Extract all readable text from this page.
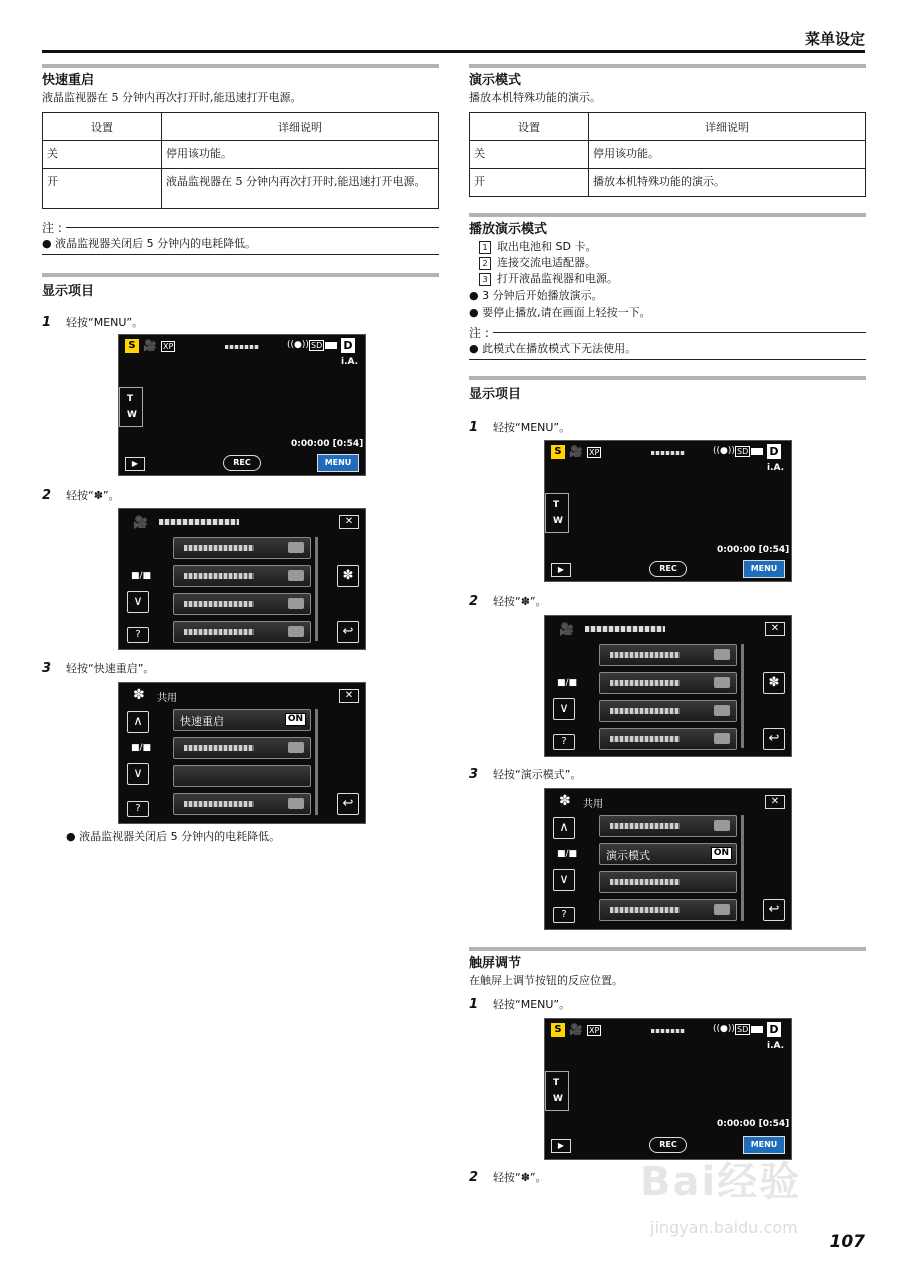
菜单设定
快速重启
液晶监视器在 5 分钟内再次打开时,能迅速打开电源。
设置	详细说明
关	停用该功能。
开	液晶监视器在 5 分钟内再次打开时,能迅速打开电源。
注 :
● 液晶监视器关闭后 5 分钟内的电耗降低。
显示项目
1	轻按“MENU”。
2	轻按“✽”。
3	轻按“快速重启”。
● 液晶监视器关闭后 5 分钟内的电耗降低。
S 🎥 XP	((●)) SD D
i.A.
T
W
0:00:00 [0:54]
▶	REC	MENU
🎥	✕
■/■
∨
?
✽
↩
✽ 共用	✕
快速重启	ON
∧
■/■
∨
?	↩
演示模式
播放本机特殊功能的演示。
设置	详细说明
关	停用该功能。
开	播放本机特殊功能的演示。
播放演示模式
1 取出电池和 SD 卡。
2 连接交流电适配器。
3 打开液晶监视器和电源。
● 3 分钟后开始播放演示。
● 要停止播放,请在画面上轻按一下。
注 :
● 此模式在播放模式下无法使用。
显示项目
1	轻按“MENU”。
2	轻按“✽”。
3	轻按“演示模式”。
触屏调节
在触屏上调节按钮的反应位置。
1	轻按“MENU”。
2	轻按“✽”。
S 🎥 XP	((●)) SD D
i.A.
T
W
0:00:00 [0:54]
▶	REC	MENU
🎥	✕
■/■
∨
?
✽
↩
✽ 共用	✕
演示模式	ON
∧
■/■
∨
?	↩
S 🎥 XP	((●)) SD D
i.A.
T
W
0:00:00 [0:54]
▶	REC	MENU
Bai经验
jingyan.baidu.com
107
